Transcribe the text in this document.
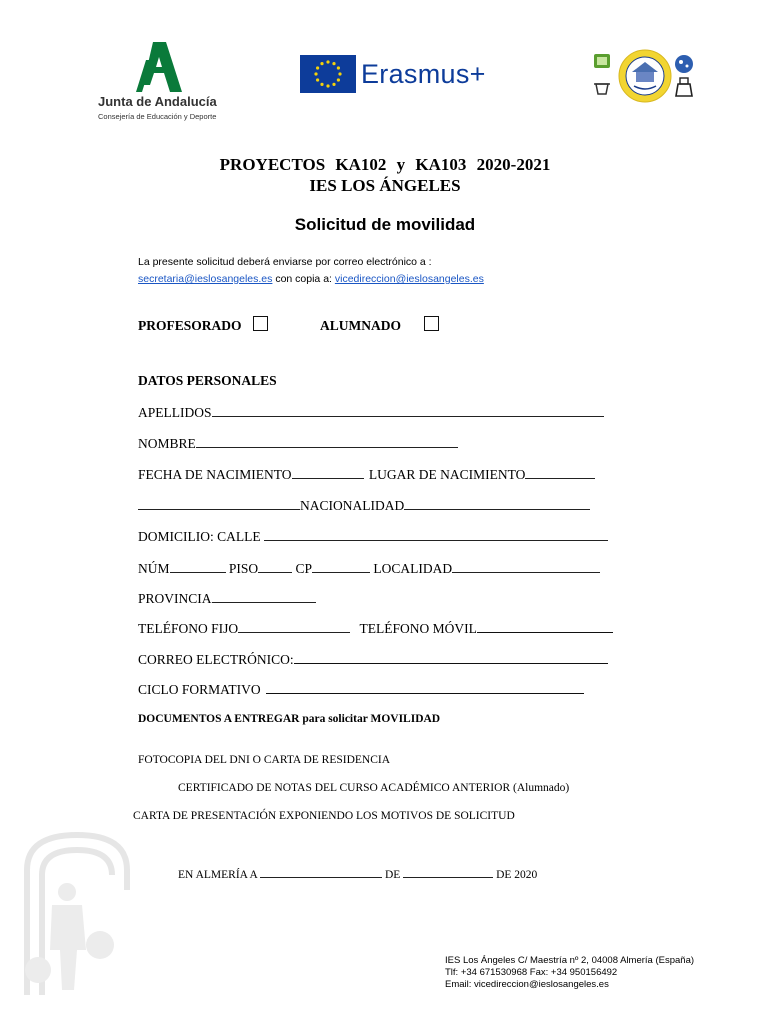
Junta de Andalucía
Consejería de Educación y Deporte
Erasmus+
PROYECTOS KA102 y KA103 2020-2021
IES LOS ÁNGELES
Solicitud de movilidad
La presente solicitud deberá enviarse por correo electrónico a :
secretaria@ieslosangeles.es con copia a: vicedireccion@ieslosangeles.es
PROFESORADO	ALUMNADO
DATOS PERSONALES
APELLIDOS
NOMBRE
FECHA DE NACIMIENTO	LUGAR DE NACIMIENTO
NACIONALIDAD
DOMICILIO: CALLE
NÚM	PISO	CP	LOCALIDAD
PROVINCIA
TELÉFONO FIJO	TELÉFONO MÓVIL
CORREO ELECTRÓNICO:
CICLO FORMATIVO
DOCUMENTOS A ENTREGAR para solicitar MOVILIDAD
FOTOCOPIA DEL DNI O CARTA DE RESIDENCIA
CERTIFICADO DE NOTAS DEL CURSO ACADÉMICO ANTERIOR (Alumnado)
CARTA DE PRESENTACIÓN EXPONIENDO LOS MOTIVOS DE SOLICITUD
EN ALMERÍA A	DE	DE 2020
IES Los Ángeles C/ Maestría nº 2, 04008 Almería (España)
Tlf: +34 671530968 Fax: +34 950156492
Email: vicedireccion@ieslosangeles.es
